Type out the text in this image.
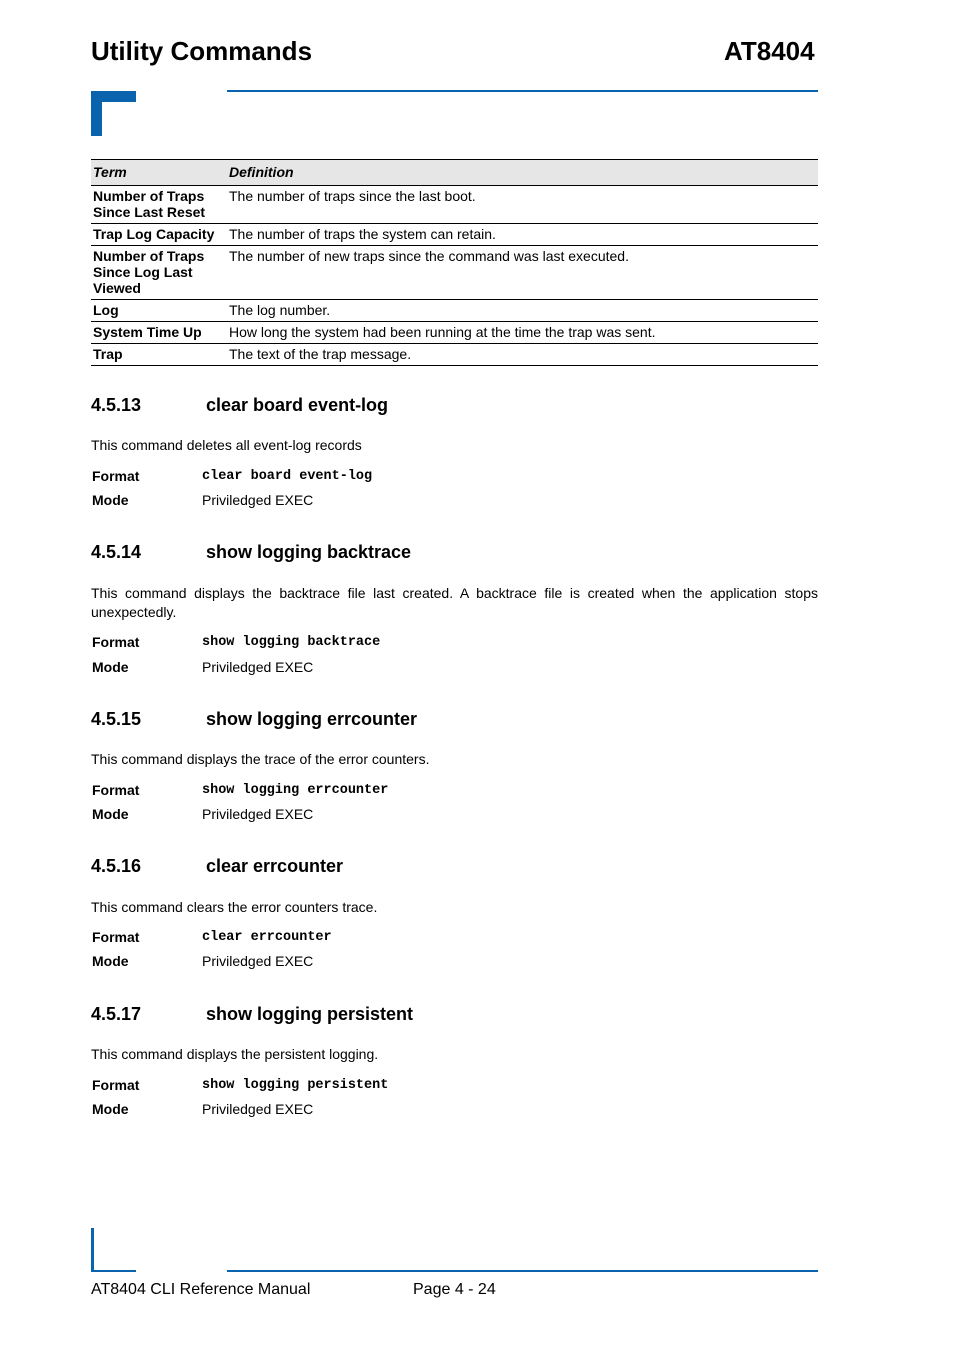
Utility Commands	AT8404
Term	Definition

Number of Traps Since Last Reset	The number of traps since the last boot.
Trap Log Capacity	The number of traps the system can retain.

Number of Traps Since Log Last Viewed	The number of new traps since the command was last executed.
Log	The log number.
System Time Up	How long the system had been running at the time the trap was sent.
Trap	The text of the trap message.
4.5.13	clear board event-log
This command deletes all event-log records
Format	clear board event-log
Mode	Priviledged EXEC
4.5.14	show logging backtrace
This command displays the backtrace file last created. A backtrace file is created when the application stops unexpectedly.
Format	show logging backtrace
Mode	Priviledged EXEC
4.5.15	show logging errcounter
This command displays the trace of the error counters.
Format	show logging errcounter
Mode	Priviledged EXEC
4.5.16	clear errcounter
This command clears the error counters trace.
Format	clear errcounter
Mode	Priviledged EXEC
4.5.17	show logging persistent
This command displays the persistent logging.
Format	show logging persistent
Mode	Priviledged EXEC
AT8404 CLI Reference Manual	Page 4 - 24
